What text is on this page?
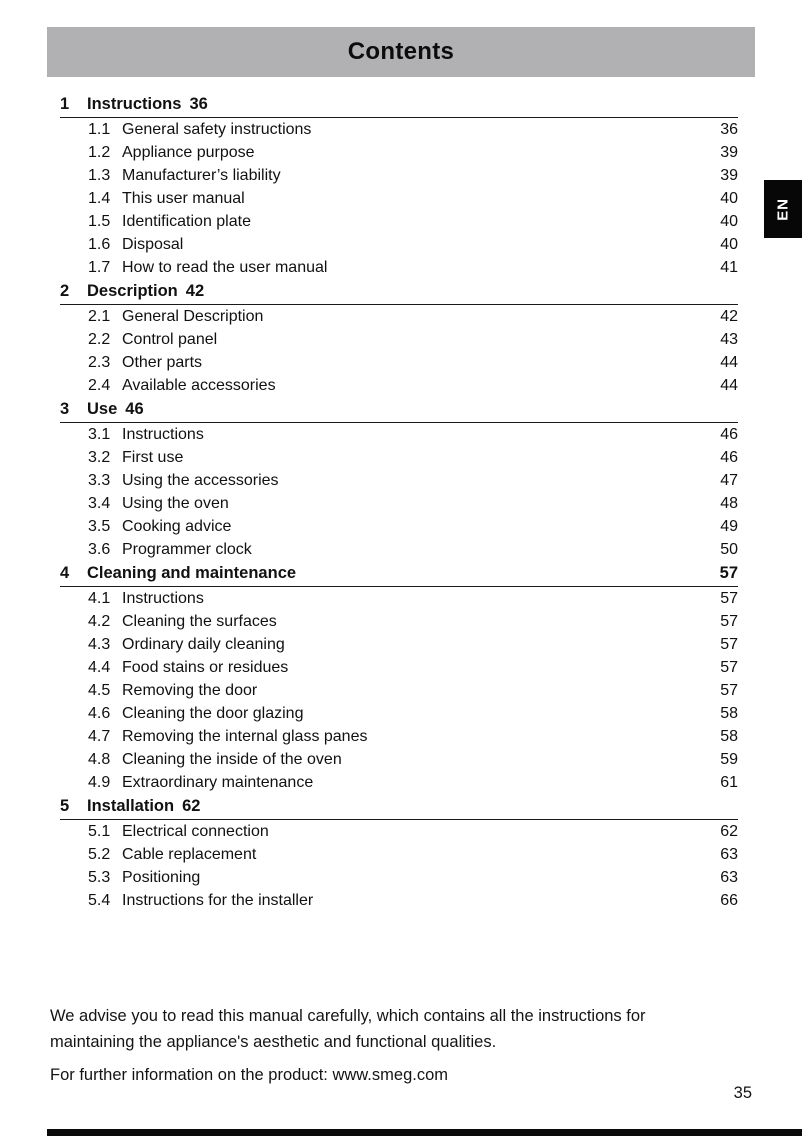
Contents
EN
1	Instructions 36
1.1 General safety instructions	36
1.2 Appliance purpose	39
1.3 Manufacturer’s liability	39
1.4 This user manual	40
1.5 Identification plate	40
1.6 Disposal	40
1.7 How to read the user manual	41
2	Description 42
2.1 General Description	42
2.2 Control panel	43
2.3 Other parts	44
2.4 Available accessories	44
3	Use 46
3.1 Instructions	46
3.2 First use	46
3.3 Using the accessories	47
3.4 Using the oven	48
3.5 Cooking advice	49
3.6 Programmer clock	50
4	Cleaning and maintenance	57
4.1 Instructions	57
4.2 Cleaning the surfaces	57
4.3 Ordinary daily cleaning	57
4.4 Food stains or residues	57
4.5 Removing the door	57
4.6 Cleaning the door glazing	58
4.7 Removing the internal glass panes	58
4.8 Cleaning the inside of the oven	59
4.9 Extraordinary maintenance	61
5	Installation 62
5.1 Electrical connection	62
5.2 Cable replacement	63
5.3 Positioning	63
5.4 Instructions for the installer	66

We advise you to read this manual carefully, which contains all the instructions for maintaining the appliance's aesthetic and functional qualities.

For further information on the product: www.smeg.com

35
